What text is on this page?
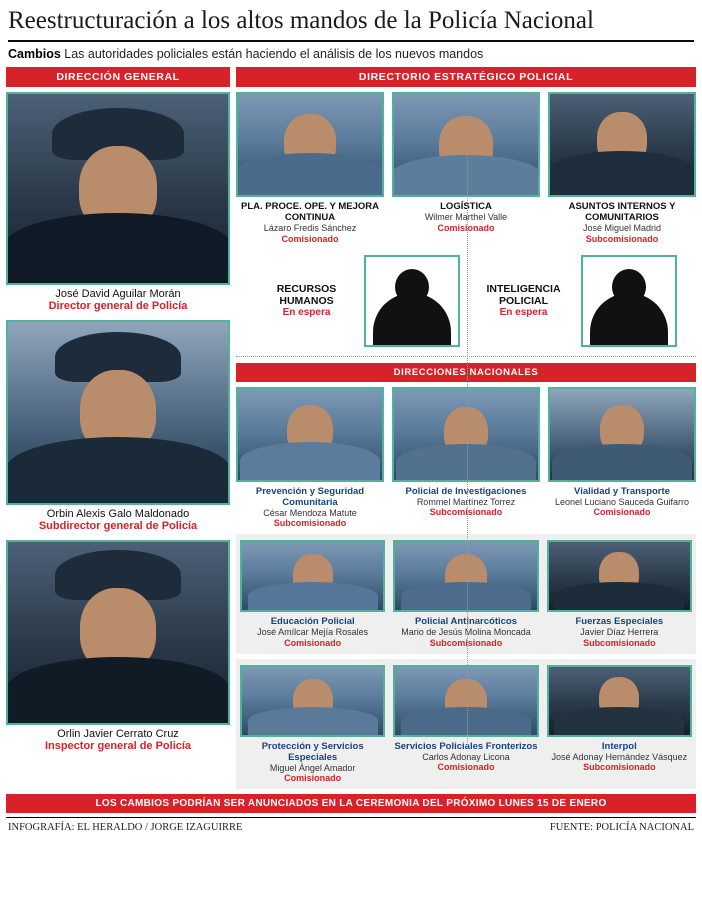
Reestructuración a los altos mandos de la Policía Nacional
Cambios Las autoridades policiales están haciendo el análisis de los nuevos mandos
DIRECCIÓN GENERAL
José David Aguilar Morán
Director general de Policía
Orbin Alexis Galo Maldonado
Subdirector general de Policía
Orlin Javier Cerrato Cruz
Inspector general de Policía
DIRECTORIO ESTRATÉGICO POLICIAL
PLA. PROCE. OPE. Y MEJORA CONTINUA
Lázaro Fredis Sánchez
Comisionado
LOGÍSTICA
Wilmer Marthel Valle
Comisionado
ASUNTOS INTERNOS Y COMUNITARIOS
José Miguel Madrid
Subcomisionado
RECURSOS HUMANOS
En espera
INTELIGENCIA POLICIAL
En espera
DIRECCIONES NACIONALES
Prevención y Seguridad Comunitaria
César Mendoza Matute
Subcomisionado
Policial de Investigaciones
Rommel Martínez Torrez
Subcomisionado
Vialidad y Transporte
Leonel Luciano Sauceda Guifarro
Comisionado
Educación Policial
José Amílcar Mejía Rosales
Comisionado
Policial Antinarcóticos
Mario de Jesús Molina Moncada
Subcomisionado
Fuerzas Especiales
Javier Díaz Herrera
Subcomisionado
Protección y Servicios Especiales
Miguel Ángel Amador
Comisionado
Servicios Policiales Fronterizos
Carlos Adonay Licona
Comisionado
Interpol
José Adonay Hernández Vásquez
Subcomisionado
LOS CAMBIOS PODRÍAN SER ANUNCIADOS EN LA CEREMONIA DEL PRÓXIMO LUNES 15 DE ENERO
INFOGRAFÍA: EL HERALDO / JORGE IZAGUIRRE	FUENTE: POLICÍA NACIONAL
